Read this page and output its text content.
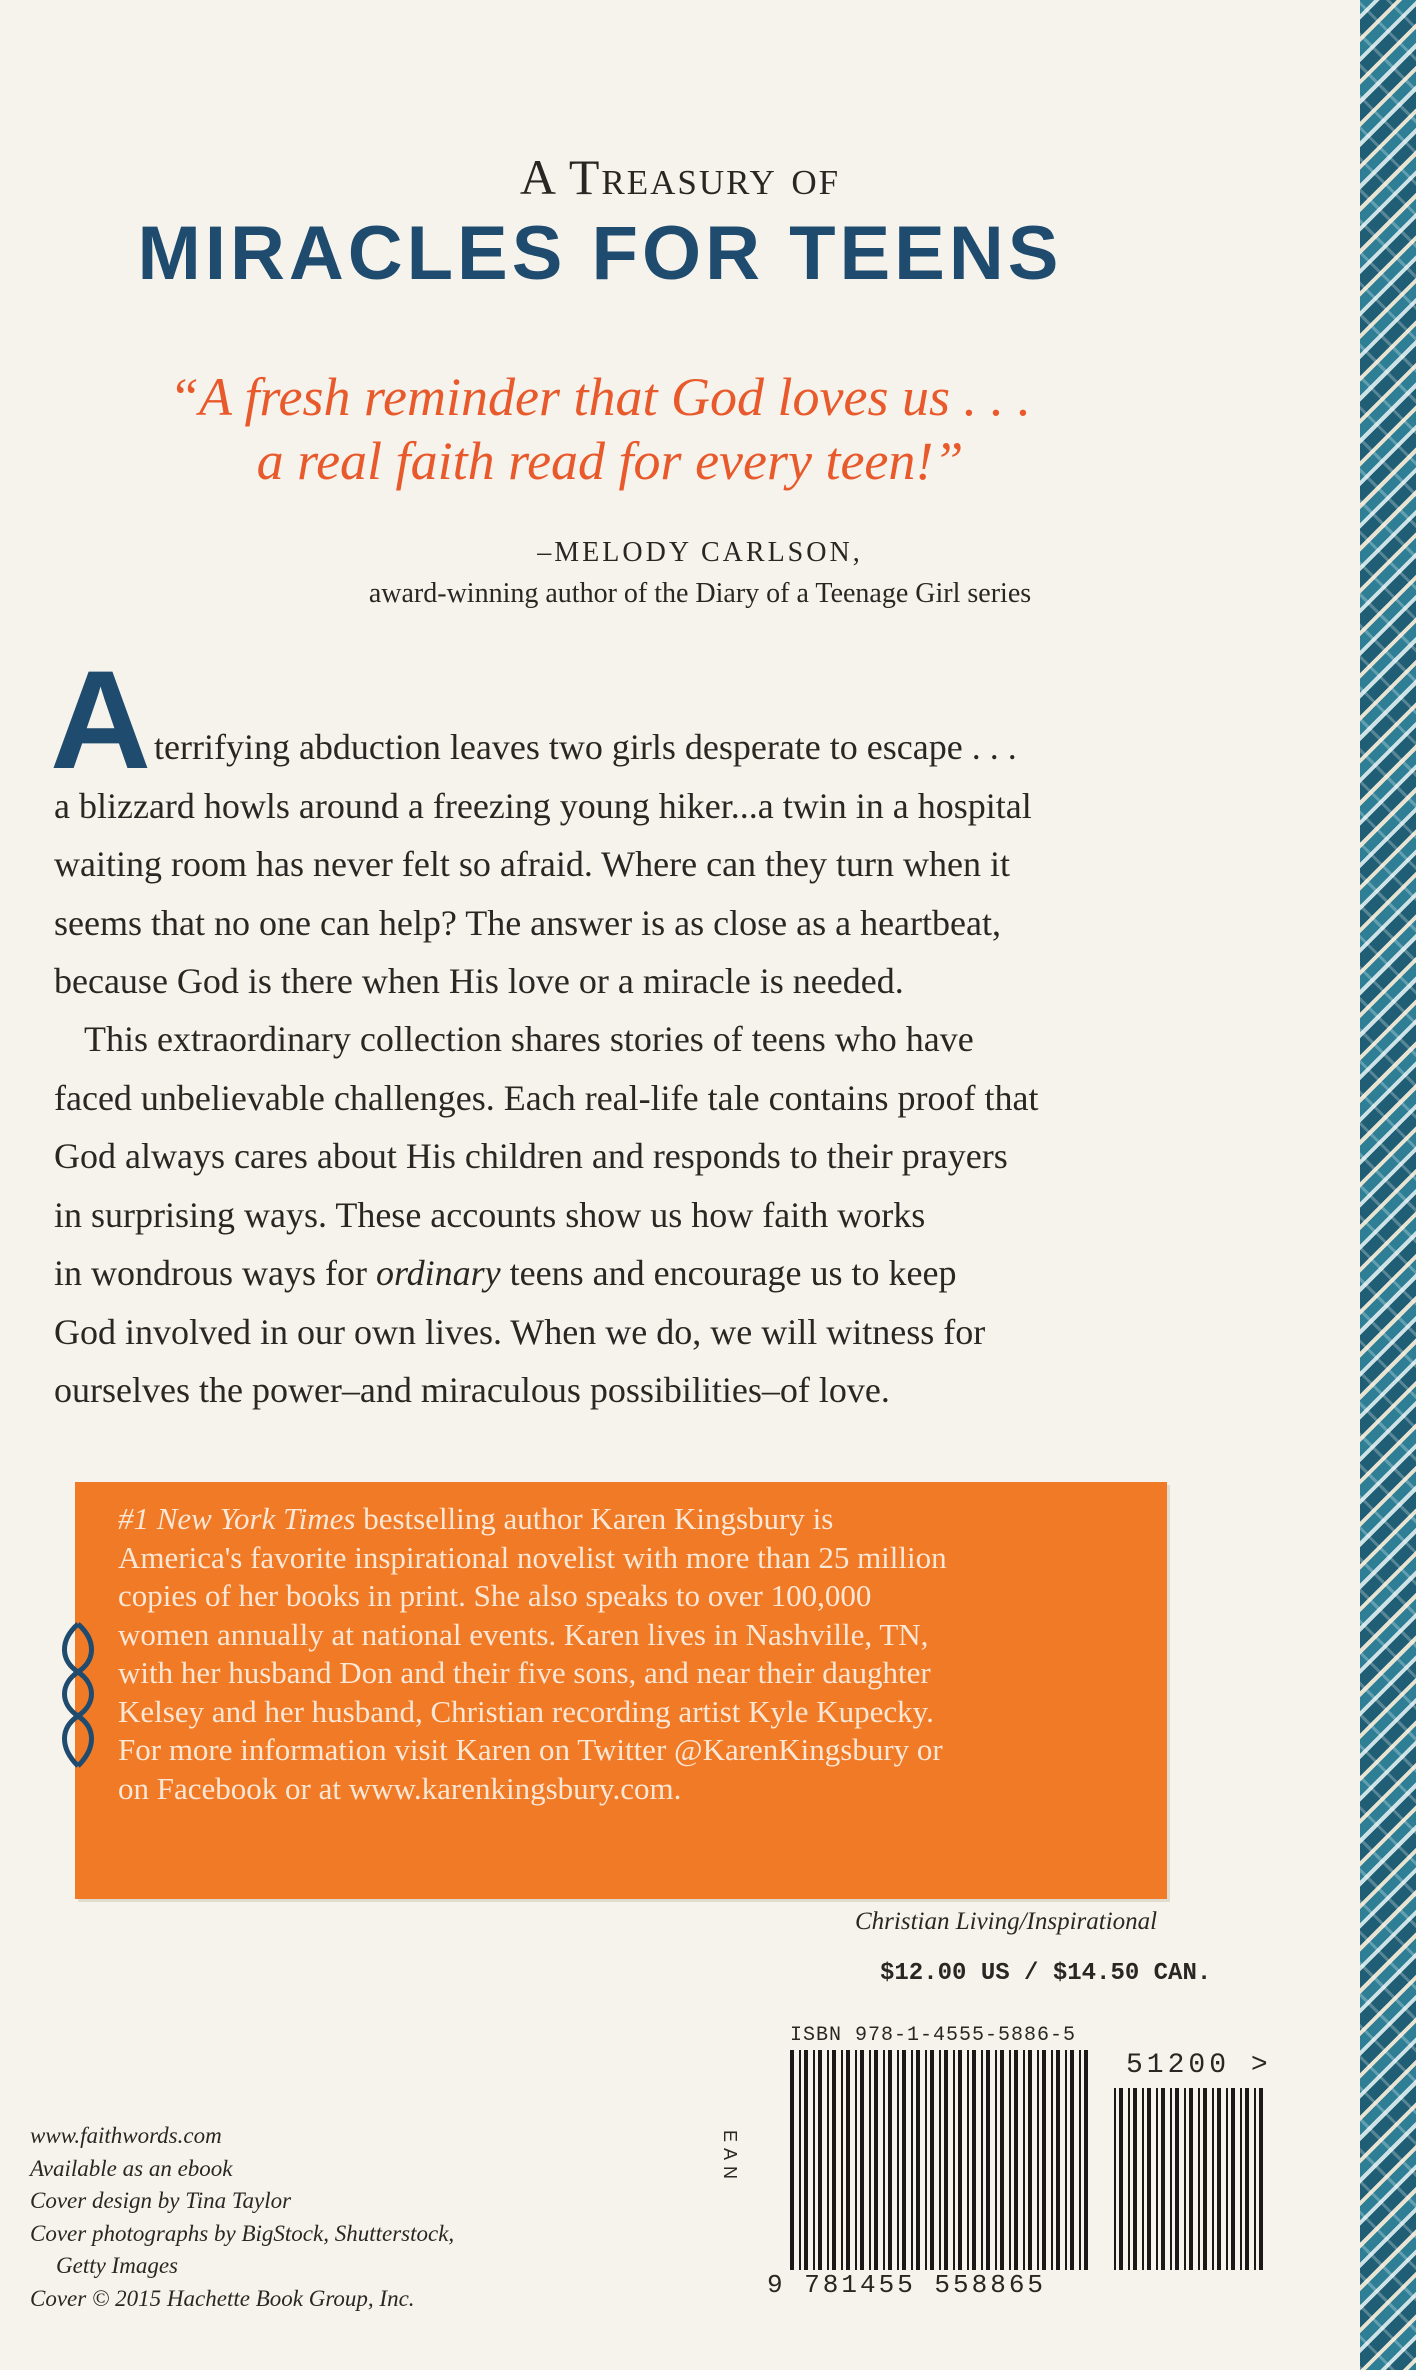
A Treasury of
MIRACLES FOR TEENS
“A fresh reminder that God loves us . . .
a real faith read for every teen!”
–MELODY CARLSON,
award-winning author of the Diary of a Teenage Girl series
A terrifying abduction leaves two girls desperate to escape . . .
a blizzard howls around a freezing young hiker...a twin in a hospital
waiting room has never felt so afraid. Where can they turn when it
seems that no one can help? The answer is as close as a heartbeat,
because God is there when His love or a miracle is needed.
This extraordinary collection shares stories of teens who have
faced unbelievable challenges. Each real-life tale contains proof that
God always cares about His children and responds to their prayers
in surprising ways. These accounts show us how faith works
in wondrous ways for ordinary teens and encourage us to keep
God involved in our own lives. When we do, we will witness for
ourselves the power–and miraculous possibilities–of love.
#1 New York Times bestselling author Karen Kingsbury is
America's favorite inspirational novelist with more than 25 million
copies of her books in print. She also speaks to over 100,000
women annually at national events. Karen lives in Nashville, TN,
with her husband Don and their five sons, and near their daughter
Kelsey and her husband, Christian recording artist Kyle Kupecky.
For more information visit Karen on Twitter @KarenKingsbury or
on Facebook or at www.karenkingsbury.com.
Christian Living/Inspirational
$12.00 US / $14.50 CAN.
ISBN 978-1-4555-5886-5
51200 >
9 781455 558865
EAN
www.faithwords.com
Available as an ebook
Cover design by Tina Taylor
Cover photographs by BigStock, Shutterstock,
Getty Images
Cover © 2015 Hachette Book Group, Inc.
